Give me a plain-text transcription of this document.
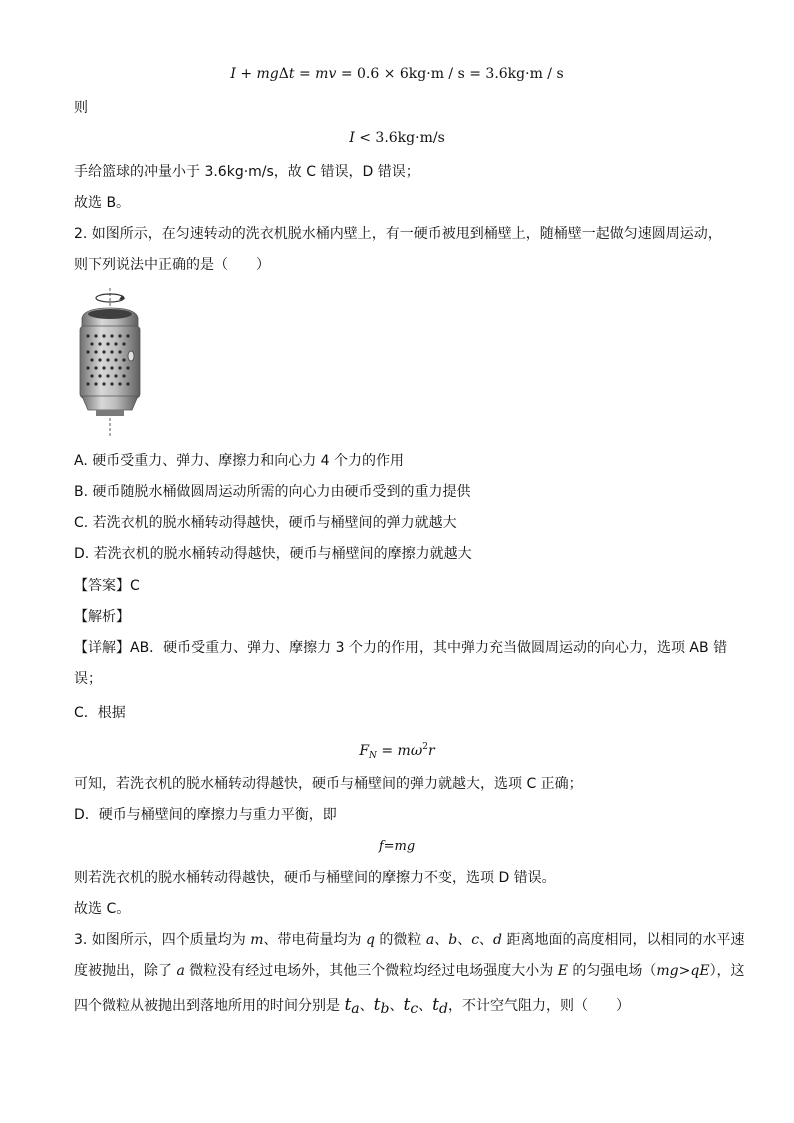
I + mgΔt = mv = 0.6 × 6kg·m / s = 3.6kg·m / s
则
I < 3.6kg·m/s
手给篮球的冲量小于 3.6kg·m/s，故 C 错误，D 错误；
故选 B。
2. 如图所示，在匀速转动的洗衣机脱水桶内壁上，有一硬币被甩到桶壁上，随桶壁一起做匀速圆周运动，
则下列说法中正确的是（　　）
A. 硬币受重力、弹力、摩擦力和向心力 4 个力的作用
B. 硬币随脱水桶做圆周运动所需的向心力由硬币受到的重力提供
C. 若洗衣机的脱水桶转动得越快，硬币与桶壁间的弹力就越大
D. 若洗衣机的脱水桶转动得越快，硬币与桶壁间的摩擦力就越大
【答案】C
【解析】
【详解】AB．硬币受重力、弹力、摩擦力 3 个力的作用，其中弹力充当做圆周运动的向心力，选项 AB 错
误；
C．根据
$F_N = m\omega^2r$
可知，若洗衣机的脱水桶转动得越快，硬币与桶壁间的弹力就越大，选项 C 正确；
D．硬币与桶壁间的摩擦力与重力平衡，即
f=mg
则若洗衣机的脱水桶转动得越快，硬币与桶壁间的摩擦力不变，选项 D 错误。
故选 C。
3. 如图所示，四个质量均为 m、带电荷量均为 q 的微粒 a、b、c、d 距离地面的高度相同，以相同的水平速
度被抛出，除了 a 微粒没有经过电场外，其他三个微粒均经过电场强度大小为 E 的匀强电场（mg>qE），这
四个微粒从被抛出到落地所用的时间分别是 $t_a$、$t_b$、$t_c$、$t_d$，不计空气阻力，则（　　）
